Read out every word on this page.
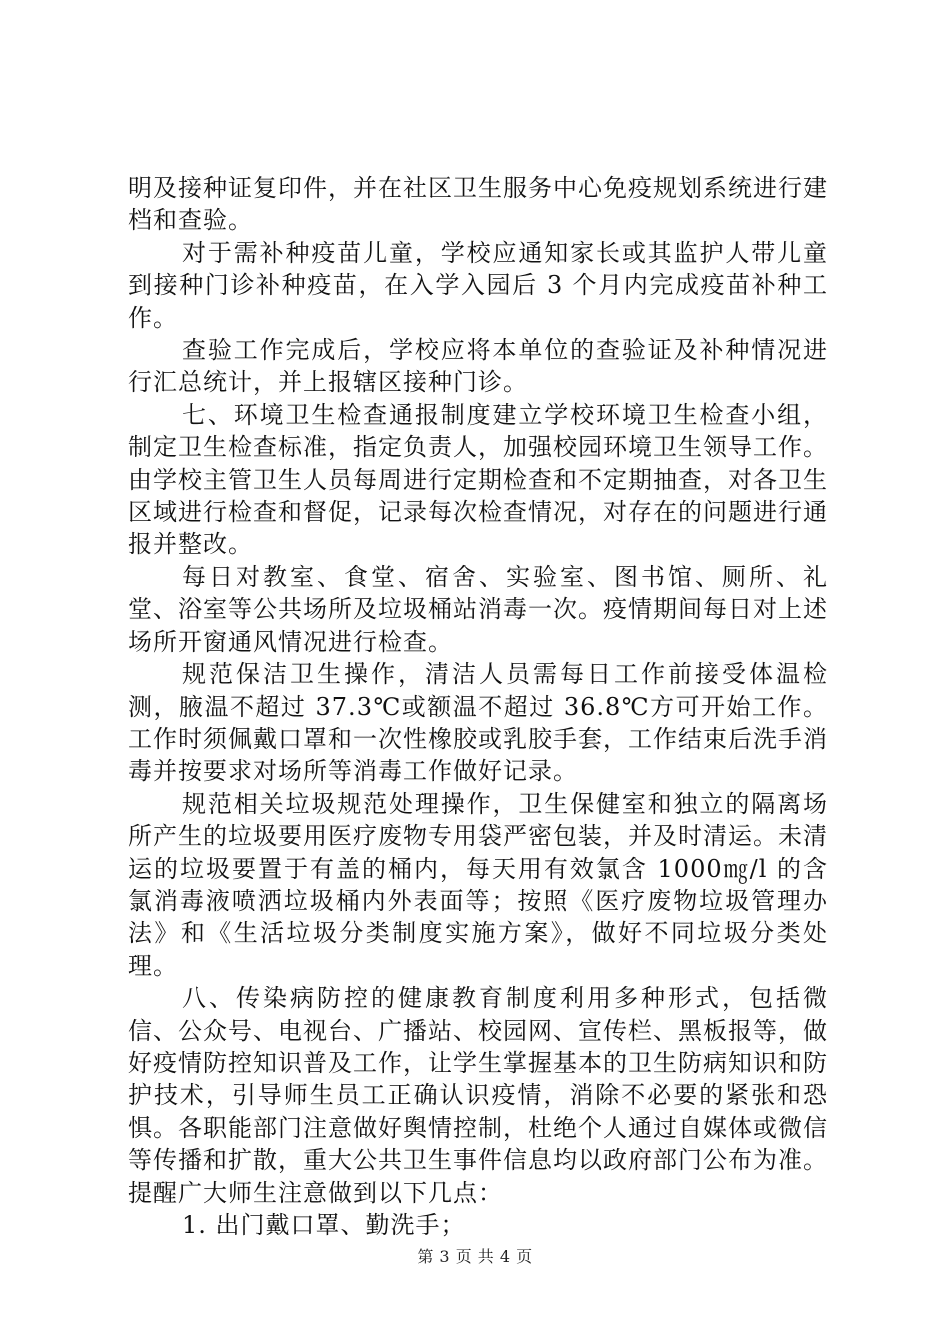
明及接种证复印件，并在社区卫生服务中心免疫规划系统进行建档和查验。

对于需补种疫苗儿童，学校应通知家长或其监护人带儿童到接种门诊补种疫苗，在入学入园后 3 个月内完成疫苗补种工作。

查验工作完成后，学校应将本单位的查验证及补种情况进行汇总统计，并上报辖区接种门诊。

七、环境卫生检查通报制度建立学校环境卫生检查小组，制定卫生检查标准，指定负责人，加强校园环境卫生领导工作。由学校主管卫生人员每周进行定期检查和不定期抽查，对各卫生区域进行检查和督促，记录每次检查情况，对存在的问题进行通报并整改。

每日对教室、食堂、宿舍、实验室、图书馆、厕所、礼堂、浴室等公共场所及垃圾桶站消毒一次。疫情期间每日对上述场所开窗通风情况进行检查。

规范保洁卫生操作，清洁人员需每日工作前接受体温检测，腋温不超过 37.3℃或额温不超过 36.8℃方可开始工作。工作时须佩戴口罩和一次性橡胶或乳胶手套，工作结束后洗手消毒并按要求对场所等消毒工作做好记录。

规范相关垃圾规范处理操作，卫生保健室和独立的隔离场所产生的垃圾要用医疗废物专用袋严密包装，并及时清运。未清运的垃圾要置于有盖的桶内，每天用有效氯含 1000㎎/l 的含氯消毒液喷洒垃圾桶内外表面等；按照《医疗废物垃圾管理办法》和《生活垃圾分类制度实施方案》，做好不同垃圾分类处理。

八、传染病防控的健康教育制度利用多种形式，包括微信、公众号、电视台、广播站、校园网、宣传栏、黑板报等，做好疫情防控知识普及工作，让学生掌握基本的卫生防病知识和防护技术，引导师生员工正确认识疫情，消除不必要的紧张和恐惧。各职能部门注意做好舆情控制，杜绝个人通过自媒体或微信等传播和扩散，重大公共卫生事件信息均以政府部门公布为准。提醒广大师生注意做到以下几点：

1. 出门戴口罩、勤洗手；

第 3 页 共 4 页
